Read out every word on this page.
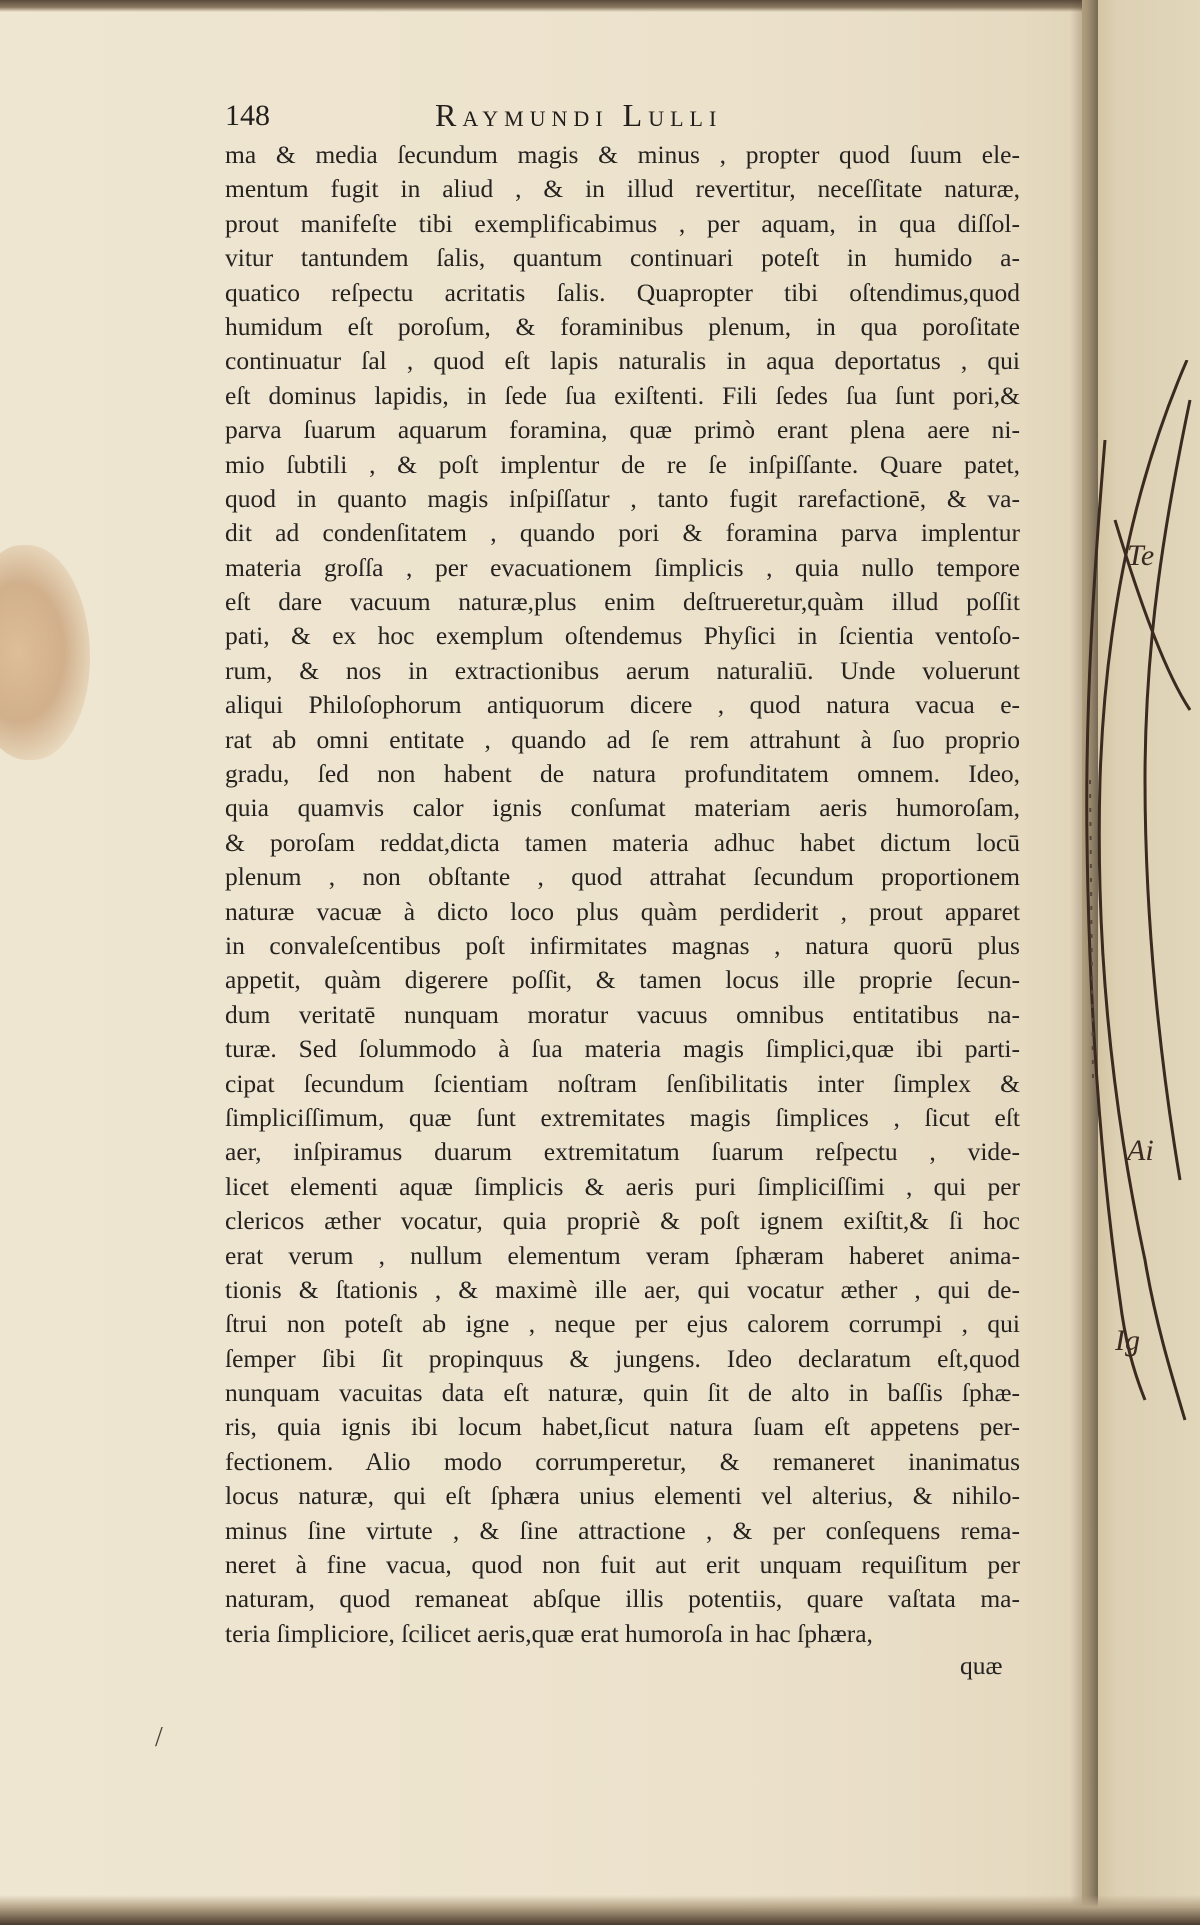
148	Raymundi Lulli
ma & media ſecundum magis & minus , propter quod ſuum ele-
mentum fugit in aliud , & in illud revertitur, neceſſitate naturæ,
prout manifeſte tibi exemplificabimus , per aquam, in qua diſſol-
vitur tantundem ſalis, quantum continuari poteſt in humido a-
quatico reſpectu acritatis ſalis. Quapropter tibi oſtendimus,quod
humidum eſt poroſum, & foraminibus plenum, in qua poroſitate
continuatur ſal , quod eſt lapis naturalis in aqua deportatus , qui
eſt dominus lapidis, in ſede ſua exiſtenti. Fili ſedes ſua ſunt pori,&
parva ſuarum aquarum foramina, quæ primò erant plena aere ni-
mio ſubtili , & poſt implentur de re ſe inſpiſſante. Quare patet,
quod in quanto magis inſpiſſatur , tanto fugit rarefactionē, & va-
dit ad condenſitatem , quando pori & foramina parva implentur
materia groſſa , per evacuationem ſimplicis , quia nullo tempore
eſt dare vacuum naturæ,plus enim deſtrueretur,quàm illud poſſit
pati, & ex hoc exemplum oſtendemus Phyſici in ſcientia ventoſo-
rum, & nos in extractionibus aerum naturaliū. Unde voluerunt
aliqui Philoſophorum antiquorum dicere , quod natura vacua e-
rat ab omni entitate , quando ad ſe rem attrahunt à ſuo proprio
gradu, ſed non habent de natura profunditatem omnem. Ideo,
quia quamvis calor ignis conſumat materiam aeris humoroſam,
& poroſam reddat,dicta tamen materia adhuc habet dictum locū
plenum , non obſtante , quod attrahat ſecundum proportionem
naturæ vacuæ à dicto loco plus quàm perdiderit , prout apparet
in convaleſcentibus poſt infirmitates magnas , natura quorū plus
appetit, quàm digerere poſſit, & tamen locus ille proprie ſecun-
dum veritatē nunquam moratur vacuus omnibus entitatibus na-
turæ. Sed ſolummodo à ſua materia magis ſimplici,quæ ibi parti-
cipat ſecundum ſcientiam noſtram ſenſibilitatis inter ſimplex &
ſimpliciſſimum, quæ ſunt extremitates magis ſimplices , ſicut eſt
aer, inſpiramus duarum extremitatum ſuarum reſpectu , vide-
licet elementi aquæ ſimplicis & aeris puri ſimpliciſſimi , qui per
clericos æther vocatur, quia propriè & poſt ignem exiſtit,& ſi hoc
erat verum , nullum elementum veram ſphæram haberet anima-
tionis & ſtationis , & maximè ille aer, qui vocatur æther , qui de-
ſtrui non poteſt ab igne , neque per ejus calorem corrumpi , qui
ſemper ſibi ſit propinquus & jungens. Ideo declaratum eſt,quod
nunquam vacuitas data eſt naturæ, quin ſit de alto in baſſis ſphæ-
ris, quia ignis ibi locum habet,ſicut natura ſuam eſt appetens per-
fectionem. Alio modo corrumperetur, & remaneret inanimatus
locus naturæ, qui eſt ſphæra unius elementi vel alterius, & nihilo-
minus ſine virtute , & ſine attractione , & per conſequens rema-
neret à fine vacua, quod non fuit aut erit unquam requiſitum per
naturam, quod remaneat abſque illis potentiis, quare vaſtata ma-
teria ſimpliciore, ſcilicet aeris,quæ erat humoroſa in hac ſphæra,
quæ
/
Te
Ai
Ig
